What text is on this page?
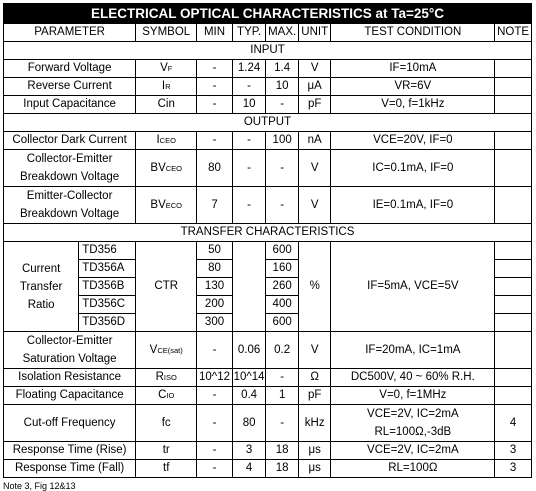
ELECTRICAL OPTICAL CHARACTERISTICS at Ta=25°C								
PARAMETER		SYMBOL	MIN	TYP.	MAX.	UNIT	TEST CONDITION	NOTE
INPUT								
Forward Voltage		VF	-	1.24	1.4	V	IF=10mA	
Reverse Current		IR	-	-	10	μA	VR=6V	
Input Capacitance		Cin	-	10	-	pF	V=0, f=1kHz	
OUTPUT								
Collector Dark Current		ICEO	-	-	100	nA	VCE=20V, IF=0	
Collector-Emitter
Breakdown Voltage		BVCEO	80	-	-	V	IC=0.1mA, IF=0	
Emitter-Collector
Breakdown Voltage		BVECO	7	-	-	V	IE=0.1mA, IF=0	
TRANSFER CHARACTERISTICS								
Current
Transfer
Ratio	TD356	CTR	50		600	%	IF=5mA, VCE=5V	
	TD356A		80		160			
	TD356B		130		260			
	TD356C		200		400			
	TD356D		300		600			
Collector-Emitter
Saturation Voltage		VCE(sat)	-	0.06	0.2	V	IF=20mA, IC=1mA	
Isolation Resistance		RISO	10^12	10^14	-	Ω	DC500V, 40 ~ 60% R.H.	
Floating Capacitance		CIO	-	0.4	1	pF	V=0, f=1MHz	
Cut-off Frequency		fc	-	80	-	kHz	VCE=2V, IC=2mA
RL=100Ω,-3dB	4
Response Time (Rise)		tr	-	3	18	μs	VCE=2V, IC=2mA	3
Response Time (Fall)		tf	-	4	18	μs	RL=100Ω	3
Note 3, Fig 12&13
